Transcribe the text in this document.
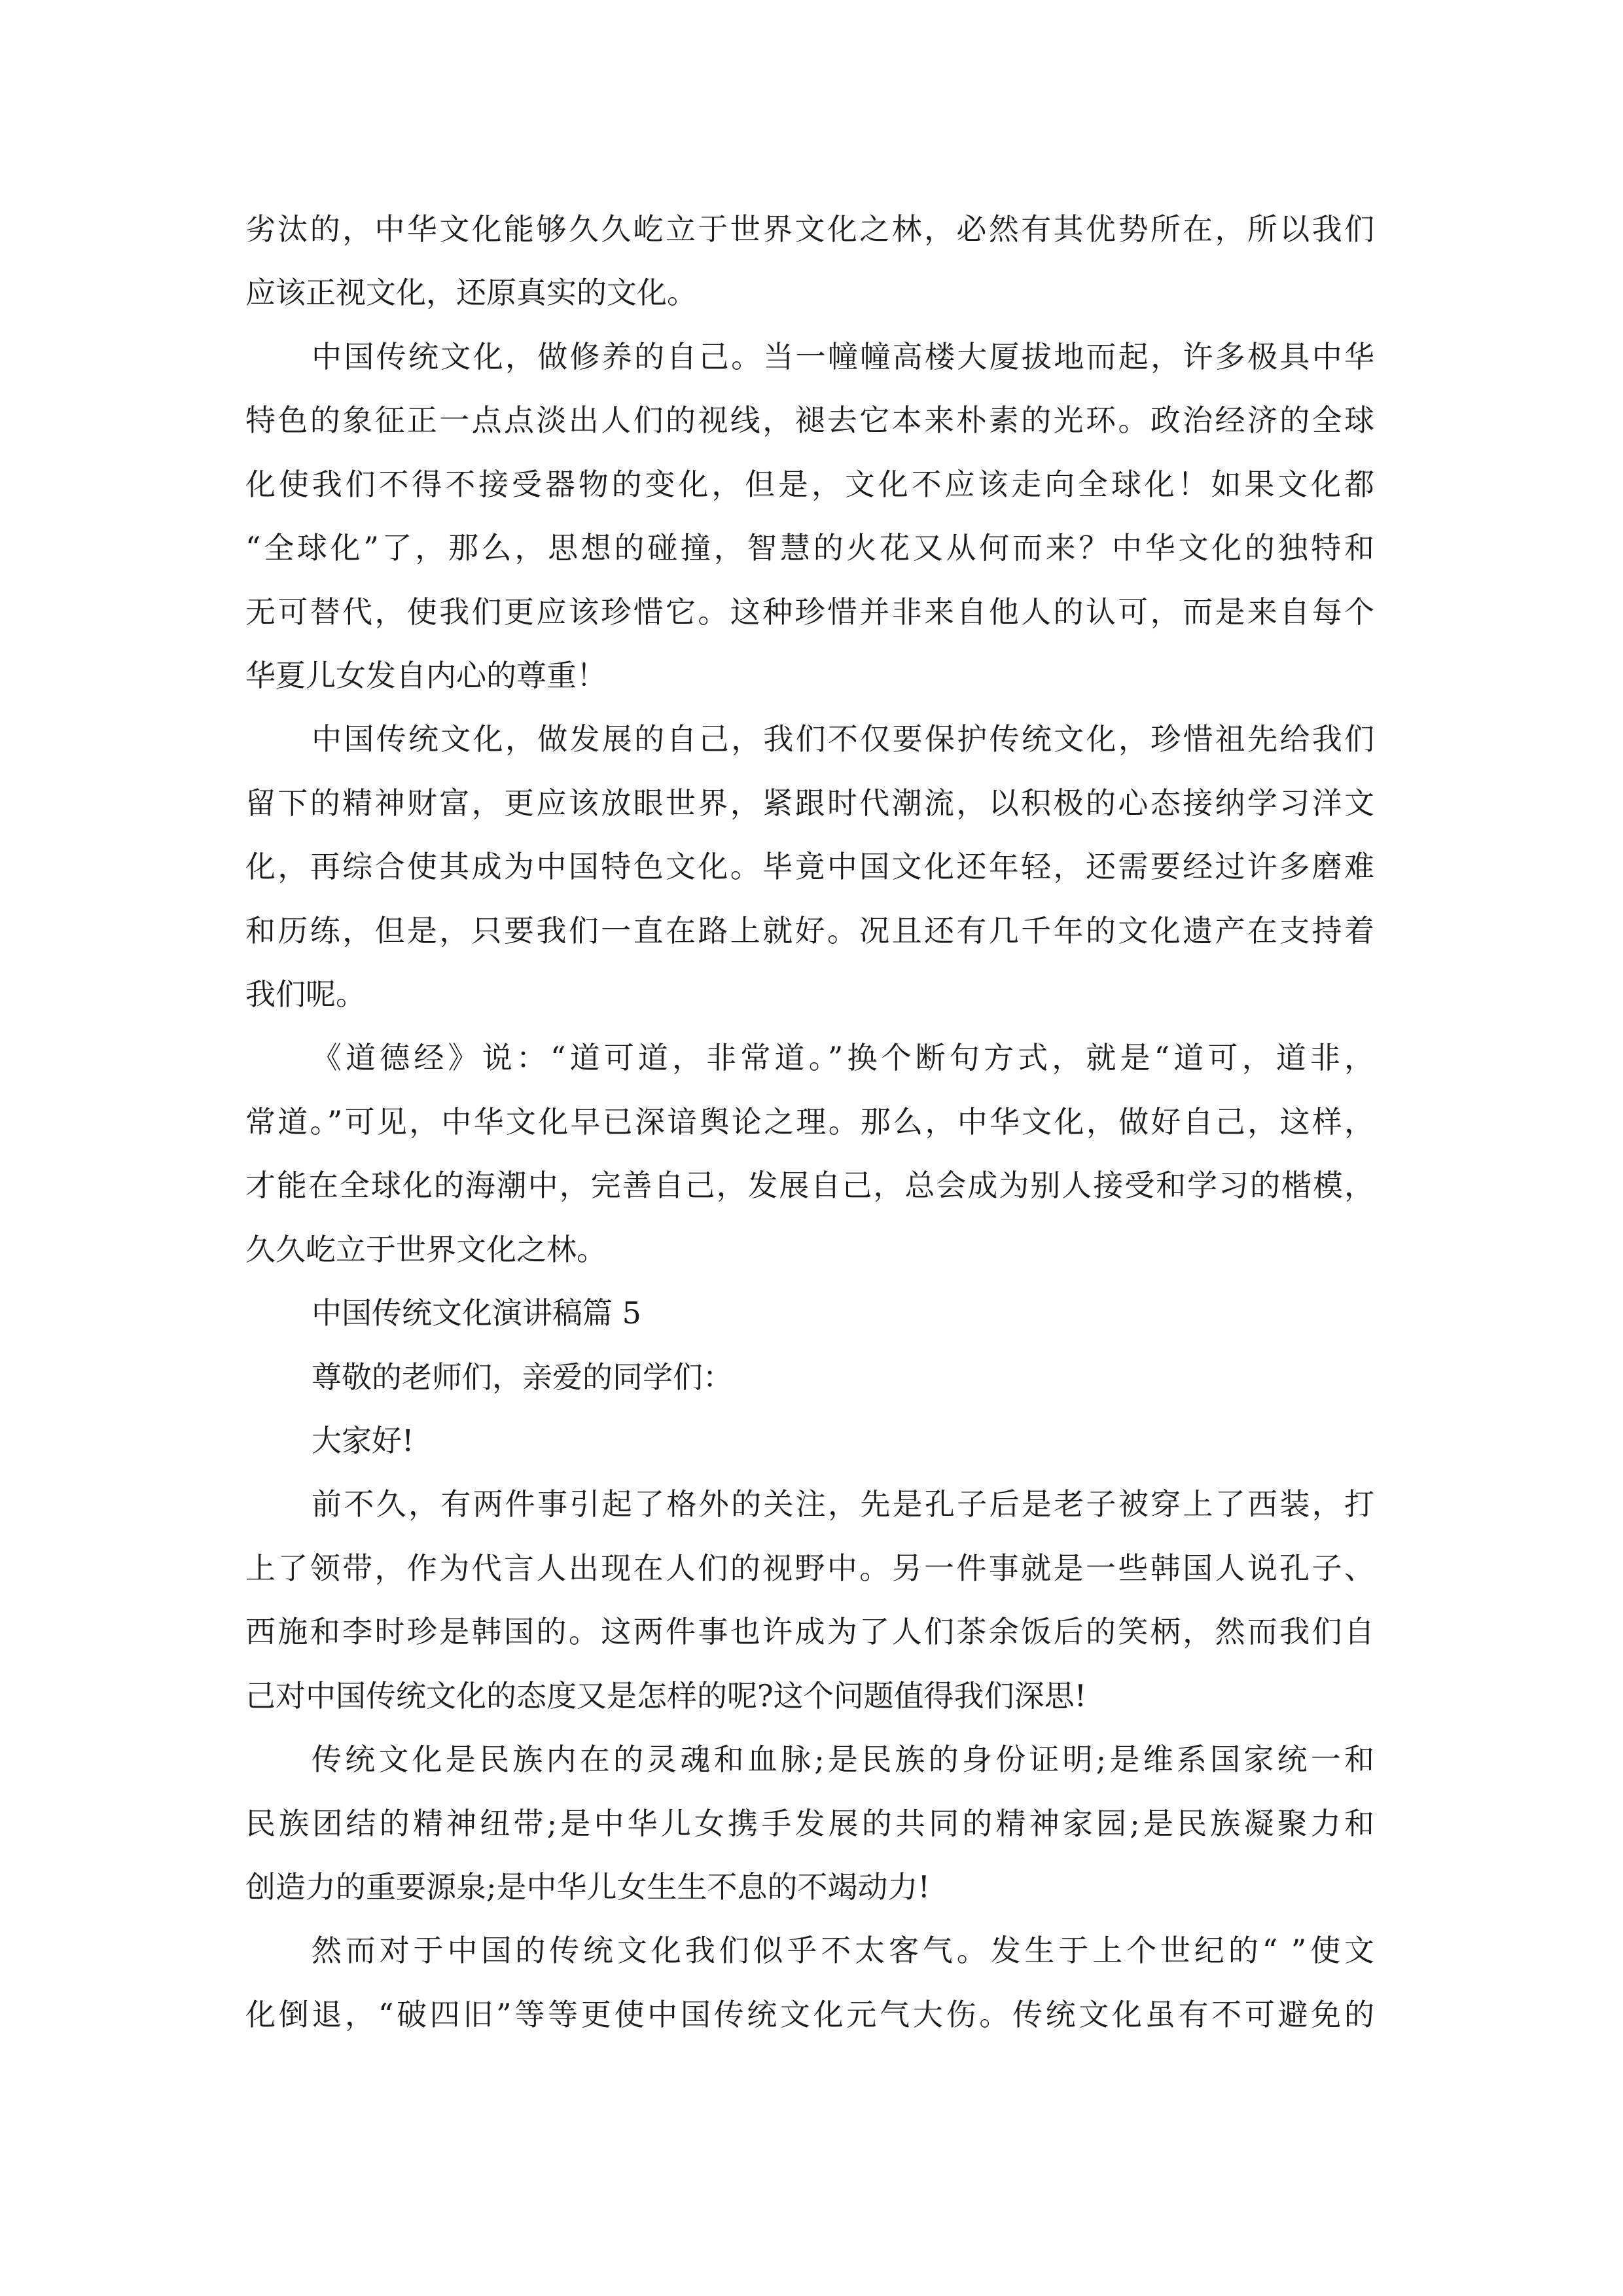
劣汰的，中华文化能够久久屹立于世界文化之林，必然有其优势所在，所以我们
应该正视文化，还原真实的文化。
中国传统文化，做修养的自己。当一幢幢高楼大厦拔地而起，许多极具中华
特色的象征正一点点淡出人们的视线，褪去它本来朴素的光环。政治经济的全球
化使我们不得不接受器物的变化，但是，文化不应该走向全球化！如果文化都
“全球化”了，那么，思想的碰撞，智慧的火花又从何而来？中华文化的独特和
无可替代，使我们更应该珍惜它。这种珍惜并非来自他人的认可，而是来自每个
华夏儿女发自内心的尊重！
中国传统文化，做发展的自己，我们不仅要保护传统文化，珍惜祖先给我们
留下的精神财富，更应该放眼世界，紧跟时代潮流，以积极的心态接纳学习洋文
化，再综合使其成为中国特色文化。毕竟中国文化还年轻，还需要经过许多磨难
和历练，但是，只要我们一直在路上就好。况且还有几千年的文化遗产在支持着
我们呢。
《道德经》说：“道可道，非常道。”换个断句方式，就是“道可，道非，
常道。”可见，中华文化早已深谙舆论之理。那么，中华文化，做好自己，这样，
才能在全球化的海潮中，完善自己，发展自己，总会成为别人接受和学习的楷模，
久久屹立于世界文化之林。
中国传统文化演讲稿篇 5
尊敬的老师们，亲爱的同学们：
大家好!
前不久，有两件事引起了格外的关注，先是孔子后是老子被穿上了西装，打
上了领带，作为代言人出现在人们的视野中。另一件事就是一些韩国人说孔子、
西施和李时珍是韩国的。这两件事也许成为了人们茶余饭后的笑柄，然而我们自
己对中国传统文化的态度又是怎样的呢?这个问题值得我们深思!
传统文化是民族内在的灵魂和血脉;是民族的身份证明;是维系国家统一和
民族团结的精神纽带;是中华儿女携手发展的共同的精神家园;是民族凝聚力和
创造力的重要源泉;是中华儿女生生不息的不竭动力!
然而对于中国的传统文化我们似乎不太客气。发生于上个世纪的“ ”使文
化倒退，“破四旧”等等更使中国传统文化元气大伤。传统文化虽有不可避免的
